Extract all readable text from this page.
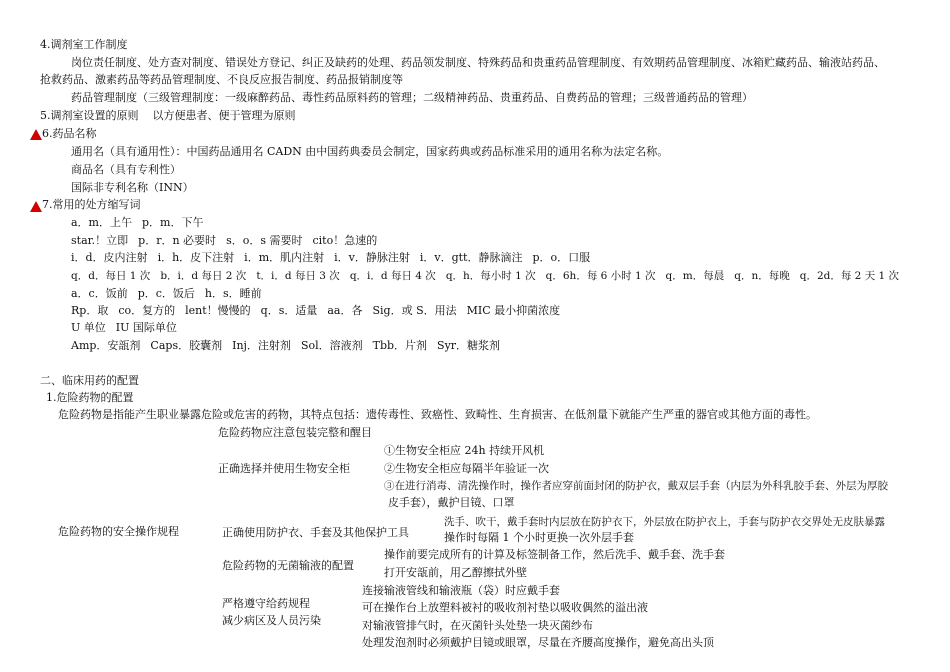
4.调剂室工作制度
岗位责任制度、处方查对制度、错误处方登记、纠正及缺药的处理、药品领发制度、特殊药品和贵重药品管理制度、有效期药品管理制度、冰箱贮藏药品、输液站药品、
抢救药品、激素药品等药品管理制度、不良反应报告制度、药品报销制度等
药品管理制度（三级管理制度：一级麻醉药品、毒性药品原料药的管理；二级精神药品、贵重药品、自费药品的管理；三级普通药品的管理）
5.调剂室设置的原则    以方便患者、便于管理为原则
6.药品名称
通用名（具有通用性）：中国药品通用名 CADN 由中国药典委员会制定，国家药典或药品标准采用的通用名称为法定名称。
商品名（具有专利性）
国际非专利名称（INN）
7.常用的处方缩写词
a．m．上午 p．m．下午
star.！立即 p．r．n 必要时 s．o．s 需要时 cito！急速的
i．d．皮内注射 i．h．皮下注射 i．m．肌内注射 i．v．静脉注射 i．v．gtt．静脉滴注 p．o．口服
q．d．每日 1 次 b．i．d 每日 2 次 t．i．d 每日 3 次 q．i．d 每日 4 次 q．h．每小时 1 次 q．6h．每 6 小时 1 次 q．m．每晨 q．n．每晚 q．2d．每 2 天 1 次
a．c．饭前 p．c．饭后 h．s．睡前
Rp．取 co．复方的 lent！慢慢的 q．s．适量 aa．各 Sig．或 S．用法 MIC 最小抑菌浓度
U 单位 IU 国际单位
Amp．安瓿剂 Caps．胶囊剂 Inj．注射剂 Sol．溶液剂 Tbb．片剂 Syr．糖浆剂
二、临床用药的配置
1.危险药物的配置
危险药物是指能产生职业暴露危险或危害的药物，其特点包括：遗传毒性、致癌性、致畸性、生育损害、在低剂量下就能产生严重的器官或其他方面的毒性。
危险药物的安全操作规程
危险药物应注意包装完整和醒目
正确选择并使用生物安全柜
①生物安全柜应 24h 持续开风机
②生物安全柜应每隔半年验证一次
③在进行消毒、清洗操作时，操作者应穿前面封闭的防护衣，戴双层手套（内层为外科乳胶手套、外层为厚胶
皮手套），戴护目镜、口罩
正确使用防护衣、手套及其他保护工具
洗手、吹干，戴手套时内层放在防护衣下，外层放在防护衣上，手套与防护衣交界处无皮肤暴露
操作时每隔 1 个小时更换一次外层手套
危险药物的无菌输液的配置
操作前要完成所有的计算及标签制备工作，然后洗手、戴手套、洗手套
打开安瓿前，用乙醇擦拭外壁
严格遵守给药规程
减少病区及人员污染
连接输液管线和输液瓶（袋）时应戴手套
可在操作台上放塑料被衬的吸收剂衬垫以吸收偶然的溢出液
对输液管排气时，在灭菌针头处垫一块灭菌纱布
处理发泡剂时必须戴护目镜或眼罩，尽量在齐腰高度操作，避免高出头顶
